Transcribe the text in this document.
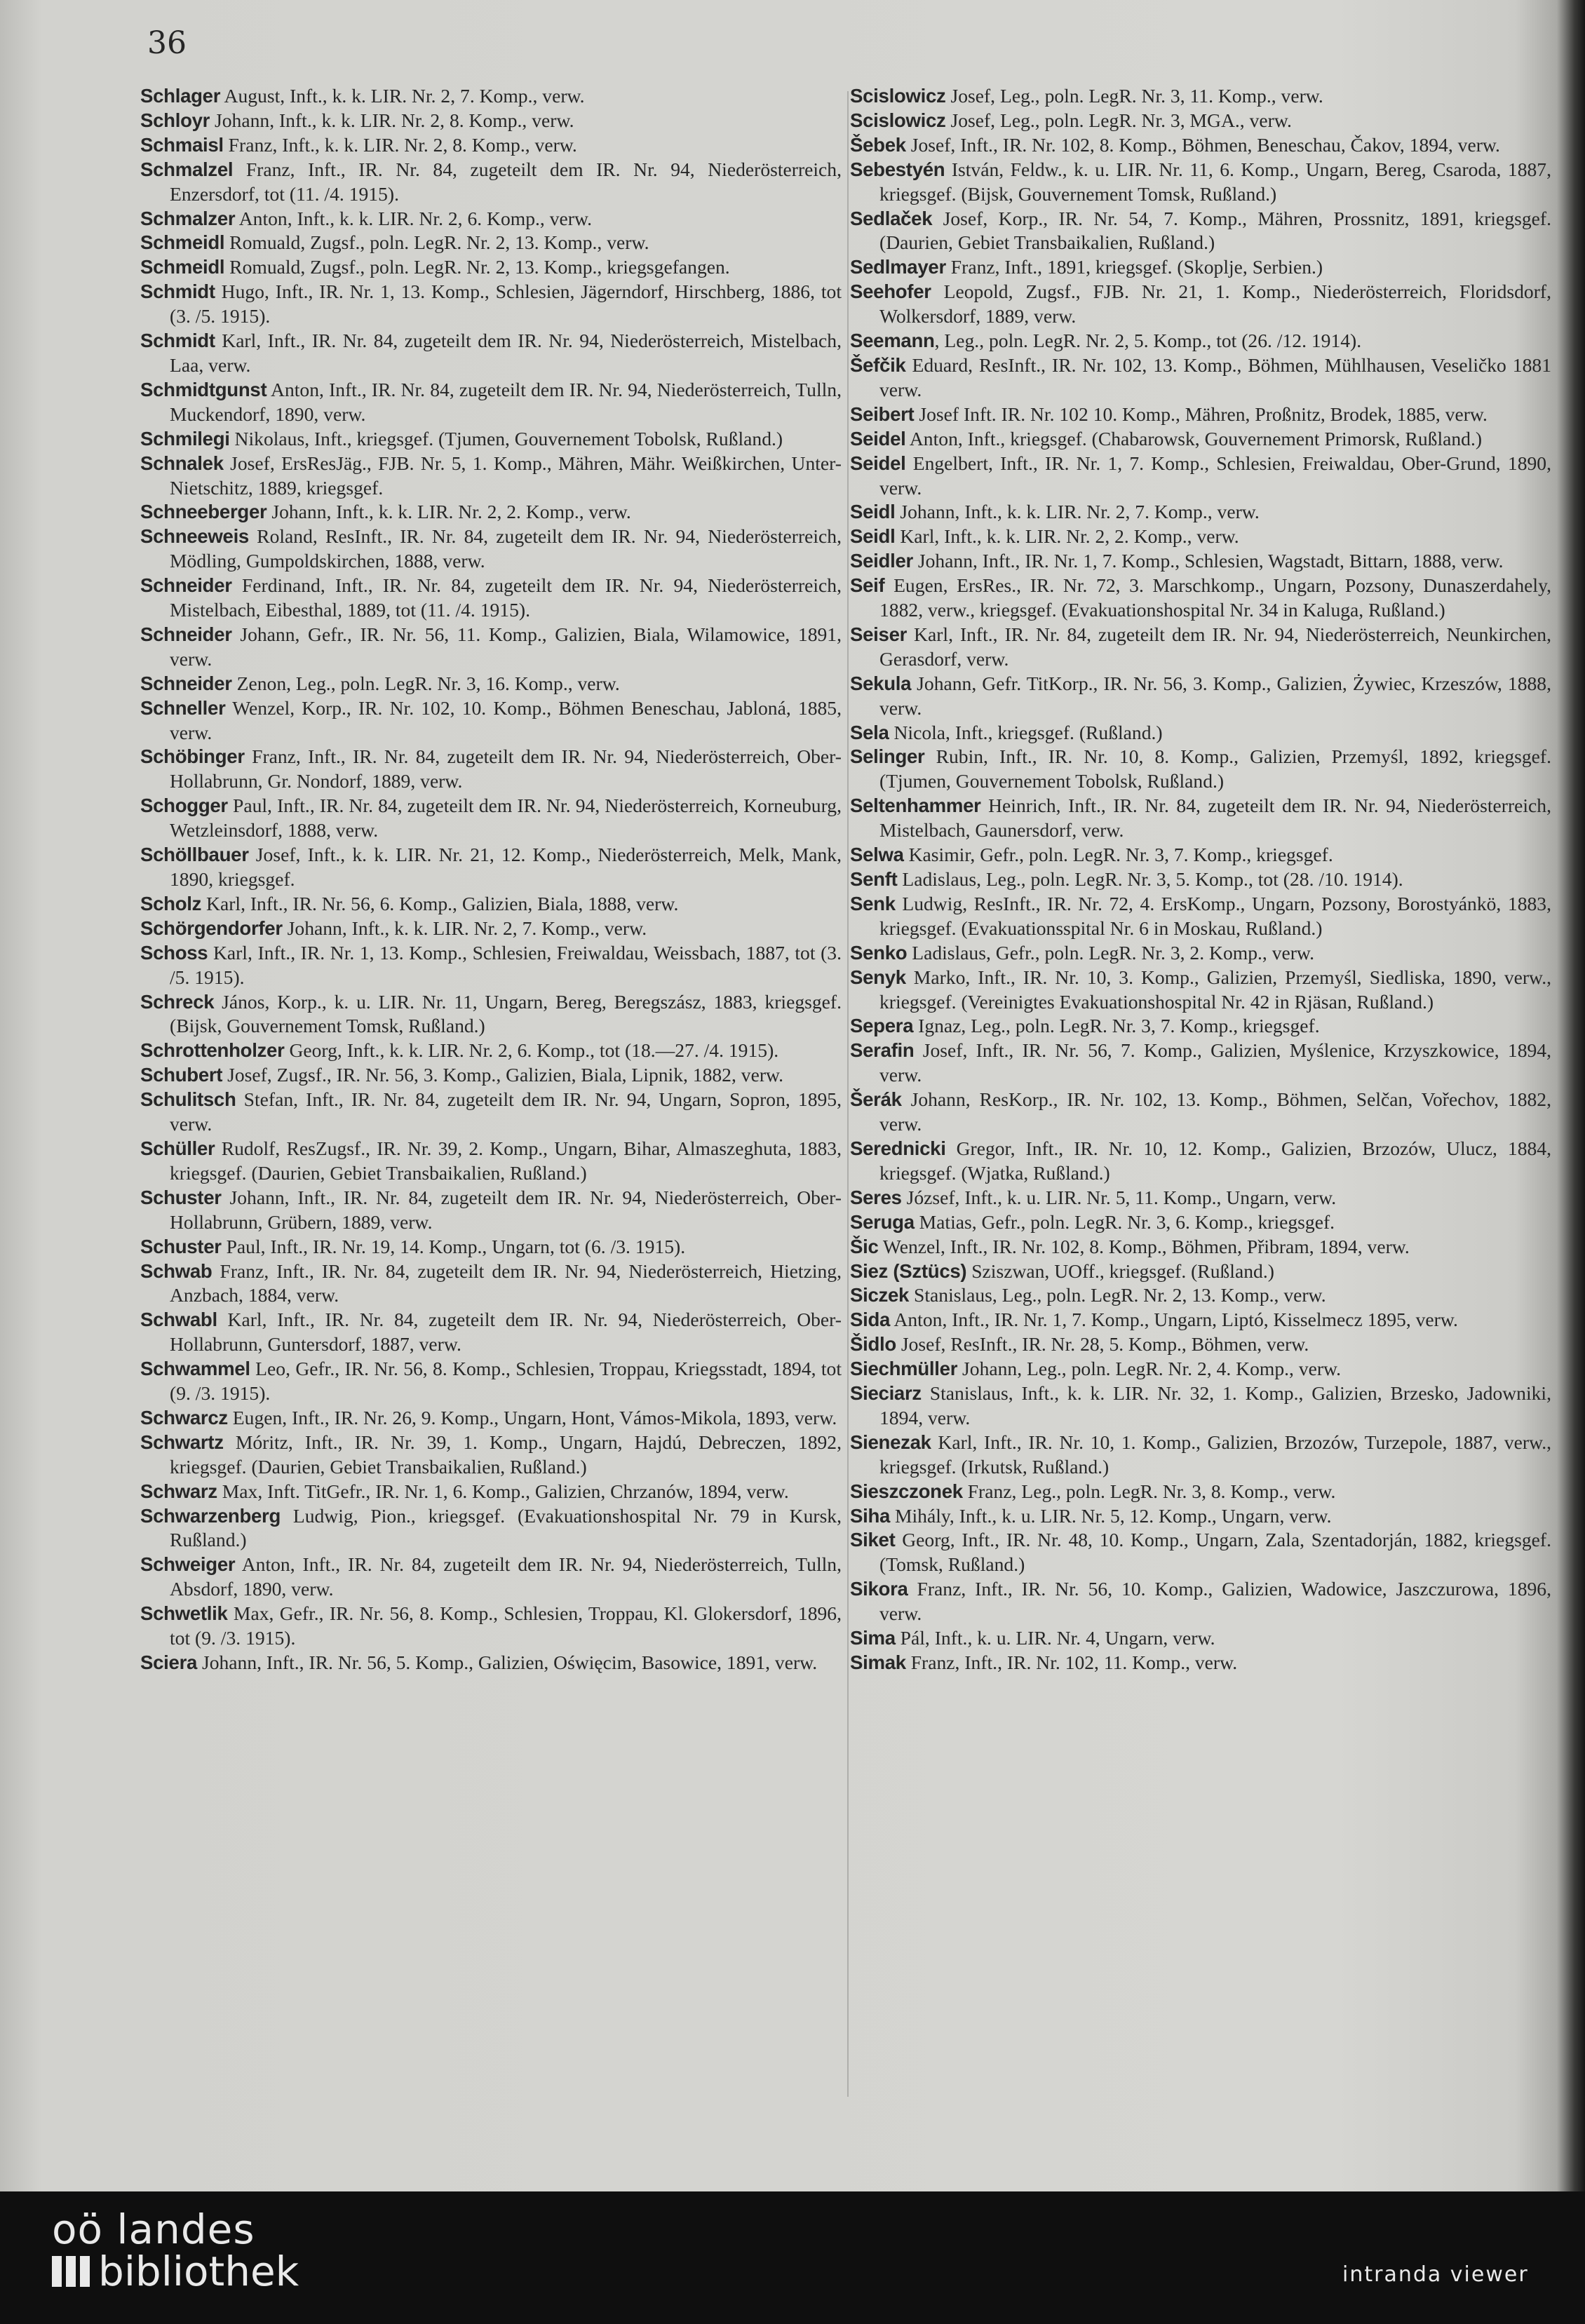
36

Schlager August, Inft., k. k. LIR. Nr. 2, 7. Komp., verw.

Schloyr Johann, Inft., k. k. LIR. Nr. 2, 8. Komp., verw.

Schmaisl Franz, Inft., k. k. LIR. Nr. 2, 8. Komp., verw.

Schmalzel Franz, Inft., IR. Nr. 84, zugeteilt dem IR. Nr. 94, Niederösterreich, Enzersdorf, tot (11. /4. 1915).

Schmalzer Anton, Inft., k. k. LIR. Nr. 2, 6. Komp., verw.

Schmeidl Romuald, Zugsf., poln. LegR. Nr. 2, 13. Komp., verw.

Schmeidl Romuald, Zugsf., poln. LegR. Nr. 2, 13. Komp., kriegsgefangen.

Schmidt Hugo, Inft., IR. Nr. 1, 13. Komp., Schlesien, Jägerndorf, Hirschberg, 1886, tot (3. /5. 1915).

Schmidt Karl, Inft., IR. Nr. 84, zugeteilt dem IR. Nr. 94, Niederösterreich, Mistelbach, Laa, verw.

Schmidtgunst Anton, Inft., IR. Nr. 84, zugeteilt dem IR. Nr. 94, Niederösterreich, Tulln, Muckendorf, 1890, verw.

Schmilegi Nikolaus, Inft., kriegsgef. (Tjumen, Gouvernement Tobolsk, Rußland.)

Schnalek Josef, ErsResJäg., FJB. Nr. 5, 1. Komp., Mähren, Mähr. Weißkirchen, Unter-Nietschitz, 1889, kriegsgef.

Schneeberger Johann, Inft., k. k. LIR. Nr. 2, 2. Komp., verw.

Schneeweis Roland, ResInft., IR. Nr. 84, zugeteilt dem IR. Nr. 94, Niederösterreich, Mödling, Gumpoldskirchen, 1888, verw.

Schneider Ferdinand, Inft., IR. Nr. 84, zugeteilt dem IR. Nr. 94, Niederösterreich, Mistelbach, Eibesthal, 1889, tot (11. /4. 1915).

Schneider Johann, Gefr., IR. Nr. 56, 11. Komp., Galizien, Biala, Wilamowice, 1891, verw.

Schneider Zenon, Leg., poln. LegR. Nr. 3, 16. Komp., verw.

Schneller Wenzel, Korp., IR. Nr. 102, 10. Komp., Böhmen Beneschau, Jabloná, 1885, verw.

Schöbinger Franz, Inft., IR. Nr. 84, zugeteilt dem IR. Nr. 94, Niederösterreich, Ober-Hollabrunn, Gr. Nondorf, 1889, verw.

Schogger Paul, Inft., IR. Nr. 84, zugeteilt dem IR. Nr. 94, Niederösterreich, Korneuburg, Wetzleinsdorf, 1888, verw.

Schöllbauer Josef, Inft., k. k. LIR. Nr. 21, 12. Komp., Niederösterreich, Melk, Mank, 1890, kriegsgef.

Scholz Karl, Inft., IR. Nr. 56, 6. Komp., Galizien, Biala, 1888, verw.

Schörgendorfer Johann, Inft., k. k. LIR. Nr. 2, 7. Komp., verw.

Schoss Karl, Inft., IR. Nr. 1, 13. Komp., Schlesien, Freiwaldau, Weissbach, 1887, tot (3. /5. 1915).

Schreck János, Korp., k. u. LIR. Nr. 11, Ungarn, Bereg, Beregszász, 1883, kriegsgef. (Bijsk, Gouvernement Tomsk, Rußland.)

Schrottenholzer Georg, Inft., k. k. LIR. Nr. 2, 6. Komp., tot (18.—27. /4. 1915).

Schubert Josef, Zugsf., IR. Nr. 56, 3. Komp., Galizien, Biala, Lipnik, 1882, verw.

Schulitsch Stefan, Inft., IR. Nr. 84, zugeteilt dem IR. Nr. 94, Ungarn, Sopron, 1895, verw.

Schüller Rudolf, ResZugsf., IR. Nr. 39, 2. Komp., Ungarn, Bihar, Almaszeghuta, 1883, kriegsgef. (Daurien, Gebiet Transbaikalien, Rußland.)

Schuster Johann, Inft., IR. Nr. 84, zugeteilt dem IR. Nr. 94, Niederösterreich, Ober-Hollabrunn, Grübern, 1889, verw.

Schuster Paul, Inft., IR. Nr. 19, 14. Komp., Ungarn, tot (6. /3. 1915).

Schwab Franz, Inft., IR. Nr. 84, zugeteilt dem IR. Nr. 94, Niederösterreich, Hietzing, Anzbach, 1884, verw.

Schwabl Karl, Inft., IR. Nr. 84, zugeteilt dem IR. Nr. 94, Niederösterreich, Ober-Hollabrunn, Guntersdorf, 1887, verw.

Schwammel Leo, Gefr., IR. Nr. 56, 8. Komp., Schlesien, Troppau, Kriegsstadt, 1894, tot (9. /3. 1915).

Schwarcz Eugen, Inft., IR. Nr. 26, 9. Komp., Ungarn, Hont, Vámos-Mikola, 1893, verw.

Schwartz Móritz, Inft., IR. Nr. 39, 1. Komp., Ungarn, Hajdú, Debreczen, 1892, kriegsgef. (Daurien, Gebiet Transbaikalien, Rußland.)

Schwarz Max, Inft. TitGefr., IR. Nr. 1, 6. Komp., Galizien, Chrzanów, 1894, verw.

Schwarzenberg Ludwig, Pion., kriegsgef. (Evakuationshospital Nr. 79 in Kursk, Rußland.)

Schweiger Anton, Inft., IR. Nr. 84, zugeteilt dem IR. Nr. 94, Niederösterreich, Tulln, Absdorf, 1890, verw.

Schwetlik Max, Gefr., IR. Nr. 56, 8. Komp., Schlesien, Troppau, Kl. Glokersdorf, 1896, tot (9. /3. 1915).

Sciera Johann, Inft., IR. Nr. 56, 5. Komp., Galizien, Oświęcim, Basowice, 1891, verw.

Scislowicz Josef, Leg., poln. LegR. Nr. 3, 11. Komp., verw.

Scislowicz Josef, Leg., poln. LegR. Nr. 3, MGA., verw.

Šebek Josef, Inft., IR. Nr. 102, 8. Komp., Böhmen, Beneschau, Čakov, 1894, verw.

Sebestyén István, Feldw., k. u. LIR. Nr. 11, 6. Komp., Ungarn, Bereg, Csaroda, 1887, kriegsgef. (Bijsk, Gouvernement Tomsk, Rußland.)

Sedlaček Josef, Korp., IR. Nr. 54, 7. Komp., Mähren, Prossnitz, 1891, kriegsgef. (Daurien, Gebiet Transbaikalien, Rußland.)

Sedlmayer Franz, Inft., 1891, kriegsgef. (Skoplje, Serbien.)

Seehofer Leopold, Zugsf., FJB. Nr. 21, 1. Komp., Niederösterreich, Floridsdorf, Wolkersdorf, 1889, verw.

Seemann, Leg., poln. LegR. Nr. 2, 5. Komp., tot (26. /12. 1914).

Šefčik Eduard, ResInft., IR. Nr. 102, 13. Komp., Böhmen, Mühlhausen, Veseličko 1881 verw.

Seibert Josef Inft. IR. Nr. 102 10. Komp., Mähren, Proßnitz, Brodek, 1885, verw.

Seidel Anton, Inft., kriegsgef. (Chabarowsk, Gouvernement Primorsk, Rußland.)

Seidel Engelbert, Inft., IR. Nr. 1, 7. Komp., Schlesien, Freiwaldau, Ober-Grund, 1890, verw.

Seidl Johann, Inft., k. k. LIR. Nr. 2, 7. Komp., verw.

Seidl Karl, Inft., k. k. LIR. Nr. 2, 2. Komp., verw.

Seidler Johann, Inft., IR. Nr. 1, 7. Komp., Schlesien, Wagstadt, Bittarn, 1888, verw.

Seif Eugen, ErsRes., IR. Nr. 72, 3. Marschkomp., Ungarn, Pozsony, Dunaszerdahely, 1882, verw., kriegsgef. (Evakuationshospital Nr. 34 in Kaluga, Rußland.)

Seiser Karl, Inft., IR. Nr. 84, zugeteilt dem IR. Nr. 94, Niederösterreich, Neunkirchen, Gerasdorf, verw.

Sekula Johann, Gefr. TitKorp., IR. Nr. 56, 3. Komp., Galizien, Żywiec, Krzeszów, 1888, verw.

Sela Nicola, Inft., kriegsgef. (Rußland.)

Selinger Rubin, Inft., IR. Nr. 10, 8. Komp., Galizien, Przemyśl, 1892, kriegsgef. (Tjumen, Gouvernement Tobolsk, Rußland.)

Seltenhammer Heinrich, Inft., IR. Nr. 84, zugeteilt dem IR. Nr. 94, Niederösterreich, Mistelbach, Gaunersdorf, verw.

Selwa Kasimir, Gefr., poln. LegR. Nr. 3, 7. Komp., kriegsgef.

Senft Ladislaus, Leg., poln. LegR. Nr. 3, 5. Komp., tot (28. /10. 1914).

Senk Ludwig, ResInft., IR. Nr. 72, 4. ErsKomp., Ungarn, Pozsony, Borostyánkö, 1883, kriegsgef. (Evakuationsspital Nr. 6 in Moskau, Rußland.)

Senko Ladislaus, Gefr., poln. LegR. Nr. 3, 2. Komp., verw.

Senyk Marko, Inft., IR. Nr. 10, 3. Komp., Galizien, Przemyśl, Siedliska, 1890, verw., kriegsgef. (Vereinigtes Evakuationshospital Nr. 42 in Rjäsan, Rußland.)

Sepera Ignaz, Leg., poln. LegR. Nr. 3, 7. Komp., kriegsgef.

Serafin Josef, Inft., IR. Nr. 56, 7. Komp., Galizien, Myślenice, Krzyszkowice, 1894, verw.

Šerák Johann, ResKorp., IR. Nr. 102, 13. Komp., Böhmen, Selčan, Vořechov, 1882, verw.

Serednicki Gregor, Inft., IR. Nr. 10, 12. Komp., Galizien, Brzozów, Ulucz, 1884, kriegsgef. (Wjatka, Rußland.)

Seres József, Inft., k. u. LIR. Nr. 5, 11. Komp., Ungarn, verw.

Seruga Matias, Gefr., poln. LegR. Nr. 3, 6. Komp., kriegsgef.

Šic Wenzel, Inft., IR. Nr. 102, 8. Komp., Böhmen, Přibram, 1894, verw.

Siez (Sztücs) Sziszwan, UOff., kriegsgef. (Rußland.)

Siczek Stanislaus, Leg., poln. LegR. Nr. 2, 13. Komp., verw.

Sida Anton, Inft., IR. Nr. 1, 7. Komp., Ungarn, Liptó, Kisselmecz 1895, verw.

Šidlo Josef, ResInft., IR. Nr. 28, 5. Komp., Böhmen, verw.

Siechmüller Johann, Leg., poln. LegR. Nr. 2, 4. Komp., verw.

Sieciarz Stanislaus, Inft., k. k. LIR. Nr. 32, 1. Komp., Galizien, Brzesko, Jadowniki, 1894, verw.

Sienezak Karl, Inft., IR. Nr. 10, 1. Komp., Galizien, Brzozów, Turzepole, 1887, verw., kriegsgef. (Irkutsk, Rußland.)

Sieszczonek Franz, Leg., poln. LegR. Nr. 3, 8. Komp., verw.

Siha Mihály, Inft., k. u. LIR. Nr. 5, 12. Komp., Ungarn, verw.

Siket Georg, Inft., IR. Nr. 48, 10. Komp., Ungarn, Zala, Szentadorján, 1882, kriegsgef. (Tomsk, Rußland.)

Sikora Franz, Inft., IR. Nr. 56, 10. Komp., Galizien, Wadowice, Jaszczurowa, 1896, verw.

Sima Pál, Inft., k. u. LIR. Nr. 4, Ungarn, verw.

Simak Franz, Inft., IR. Nr. 102, 11. Komp., verw.

oö landes
bibliothek	intranda viewer
